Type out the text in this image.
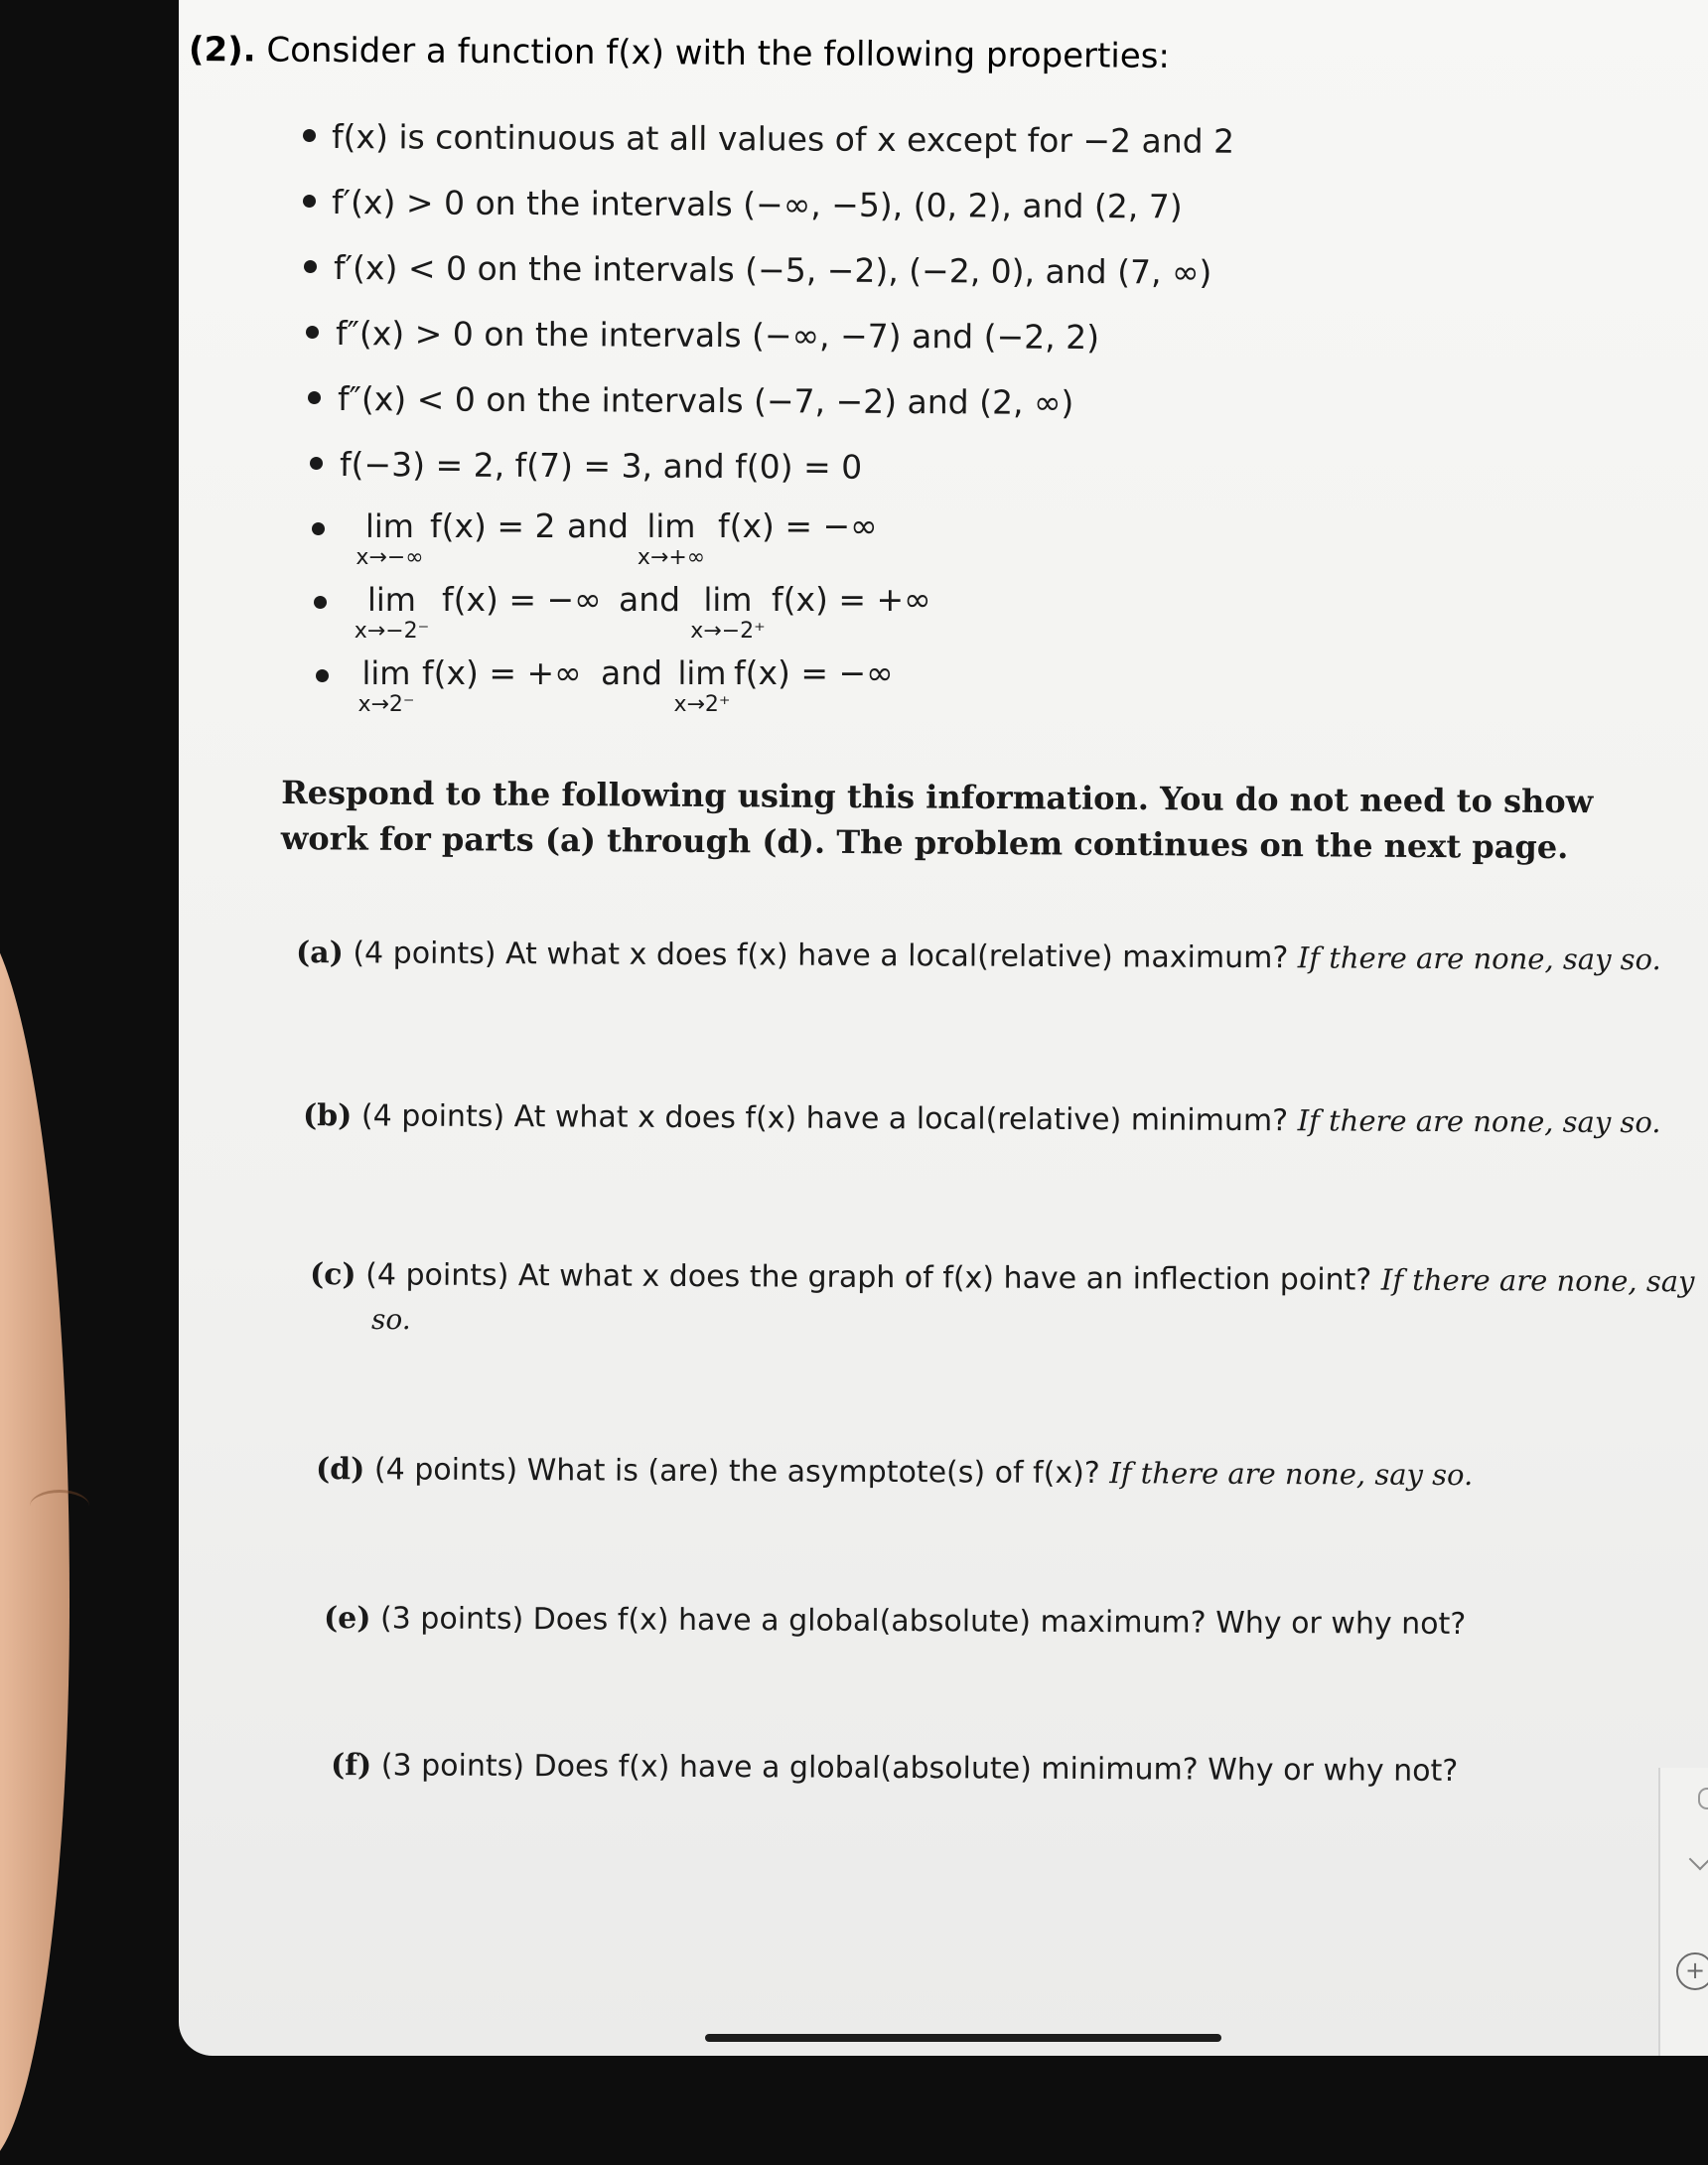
+
(2). Consider a function f(x) with the following properties:
f(x) is continuous at all values of x except for −2 and 2
f′(x) > 0 on the intervals (−∞, −5), (0, 2), and (2, 7)
f′(x) < 0 on the intervals (−5, −2), (−2, 0), and (7, ∞)
f″(x) > 0 on the intervals (−∞, −7) and (−2, 2)
f″(x) < 0 on the intervals (−7, −2) and (2, ∞)
f(−3) = 2, f(7) = 3, and f(0) = 0
lim
x→−∞
f(x) = 2 and lim
x→+∞
f(x) = −∞
lim
x→−2⁻
f(x) = −∞ and lim
x→−2⁺
f(x) = +∞
lim
x→2⁻
f(x) = +∞ and lim
x→2⁺
f(x) = −∞
Respond to the following using this information. You do not need to show work for parts (a) through (d). The problem continues on the next page.
(a) (4 points) At what x does f(x) have a local(relative) maximum? If there are none, say so.
(b) (4 points) At what x does f(x) have a local(relative) minimum? If there are none, say so.
(c) (4 points) At what x does the graph of f(x) have an inflection point? If there are none, say
so.
(d) (4 points) What is (are) the asymptote(s) of f(x)? If there are none, say so.
(e) (3 points) Does f(x) have a global(absolute) maximum? Why or why not?
(f) (3 points) Does f(x) have a global(absolute) minimum? Why or why not?
